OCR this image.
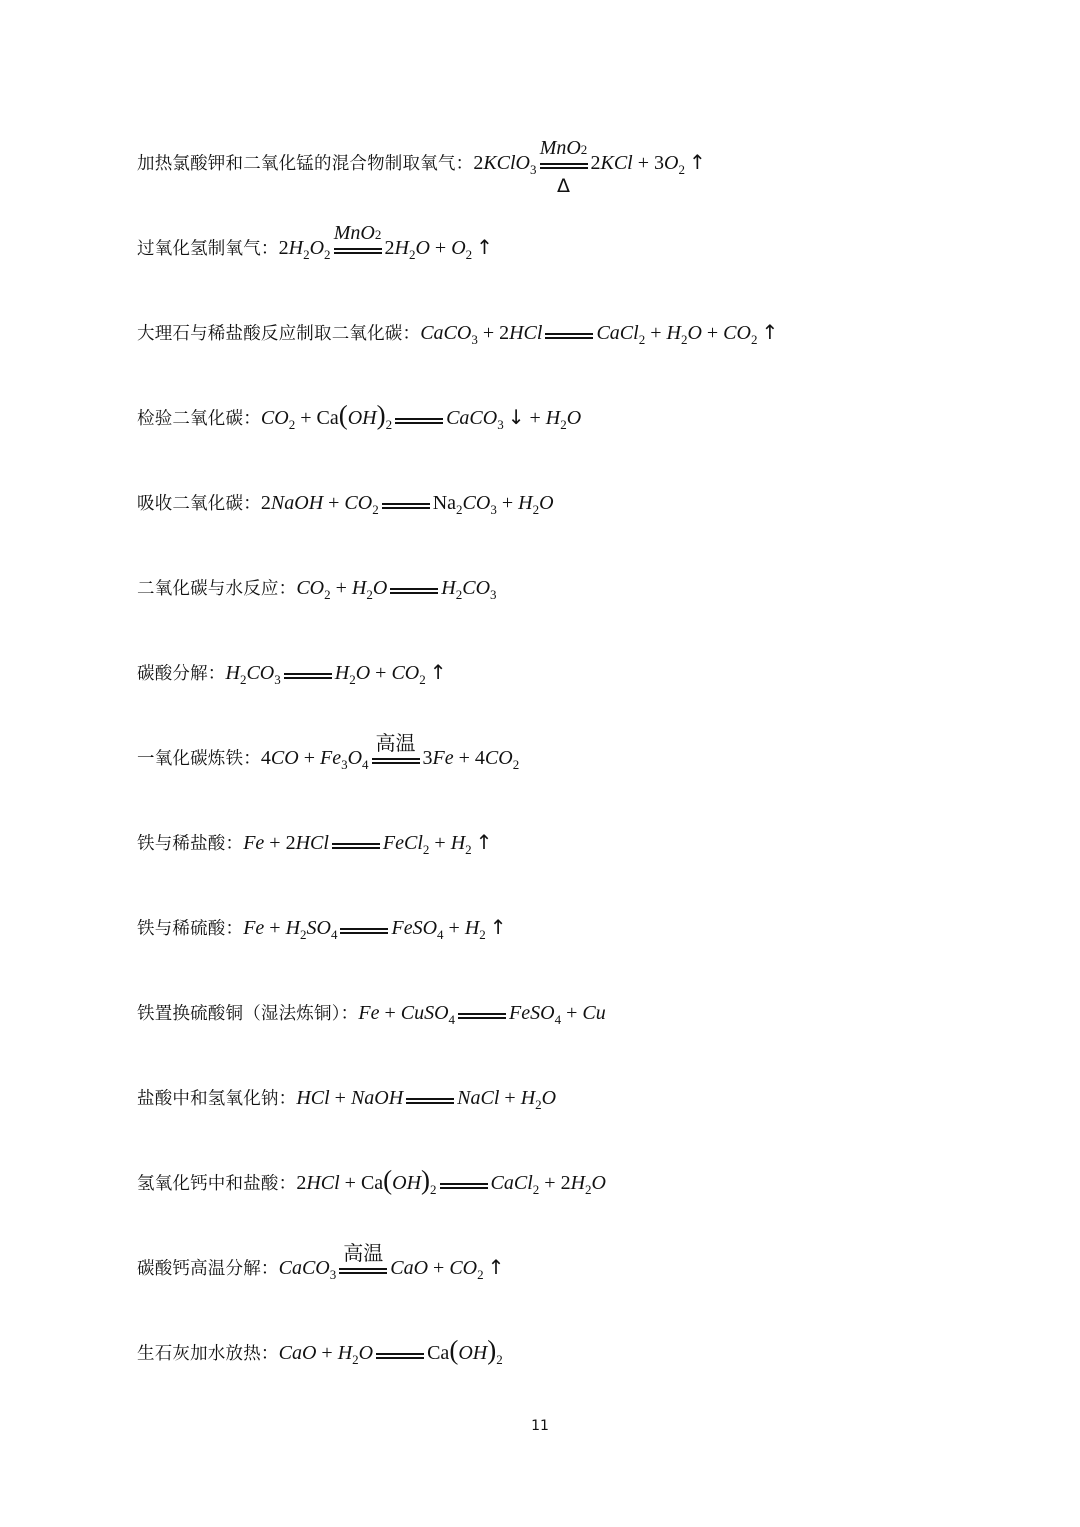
加热氯酸钾和二氧化锰的混合物制取氧气： 2KClO$_3$
MnO 2
Δ
$2KCl + 3O_2$ ↑
过氧化氢制氧气： $2H_2O_2$
MnO 2
$2H_2O + O_2$ ↑
大理石与稀盐酸反应制取二氧化碳： CaCO$_3$ + 2HCl	CaCl$_2$ + $H_2O + CO_2$ ↑
检验二氧化碳： $CO_2 + Ca(OH)_2$	CaCO$_3$ ↓ + $H_2O$
吸收二氧化碳： 2NaOH + $CO_2$	$Na_2CO_3 + H_2O$
二氧化碳与水反应： $CO_2 + H_2O$	$H_2CO_3$
碳酸分解： $H_2CO_3$	$H_2O + CO_2$ ↑
一氧化碳炼铁： $4CO + Fe_3O_4$
高温
$3Fe + 4CO_2$
铁与稀盐酸： Fe + 2HCl	FeCl$_2$ + $H_2$ ↑
铁与稀硫酸： $Fe + H_2SO_4$	FeSO$_4$ + $H_2$ ↑
铁置换硫酸铜（湿法炼铜）： Fe + CuSO$_4$	FeSO$_4$ + Cu
盐酸中和氢氧化钠： HCl + NaOH	NaCl + $H_2O$
氢氧化钙中和盐酸： $2HCl + Ca(OH)_2$	CaCl$_2$ + $2H_2O$
碳酸钙高温分解： CaCO$_3$
高温
CaO + $CO_2$ ↑
生石灰加水放热： CaO + $H_2O$	$Ca(OH)_2$
11
